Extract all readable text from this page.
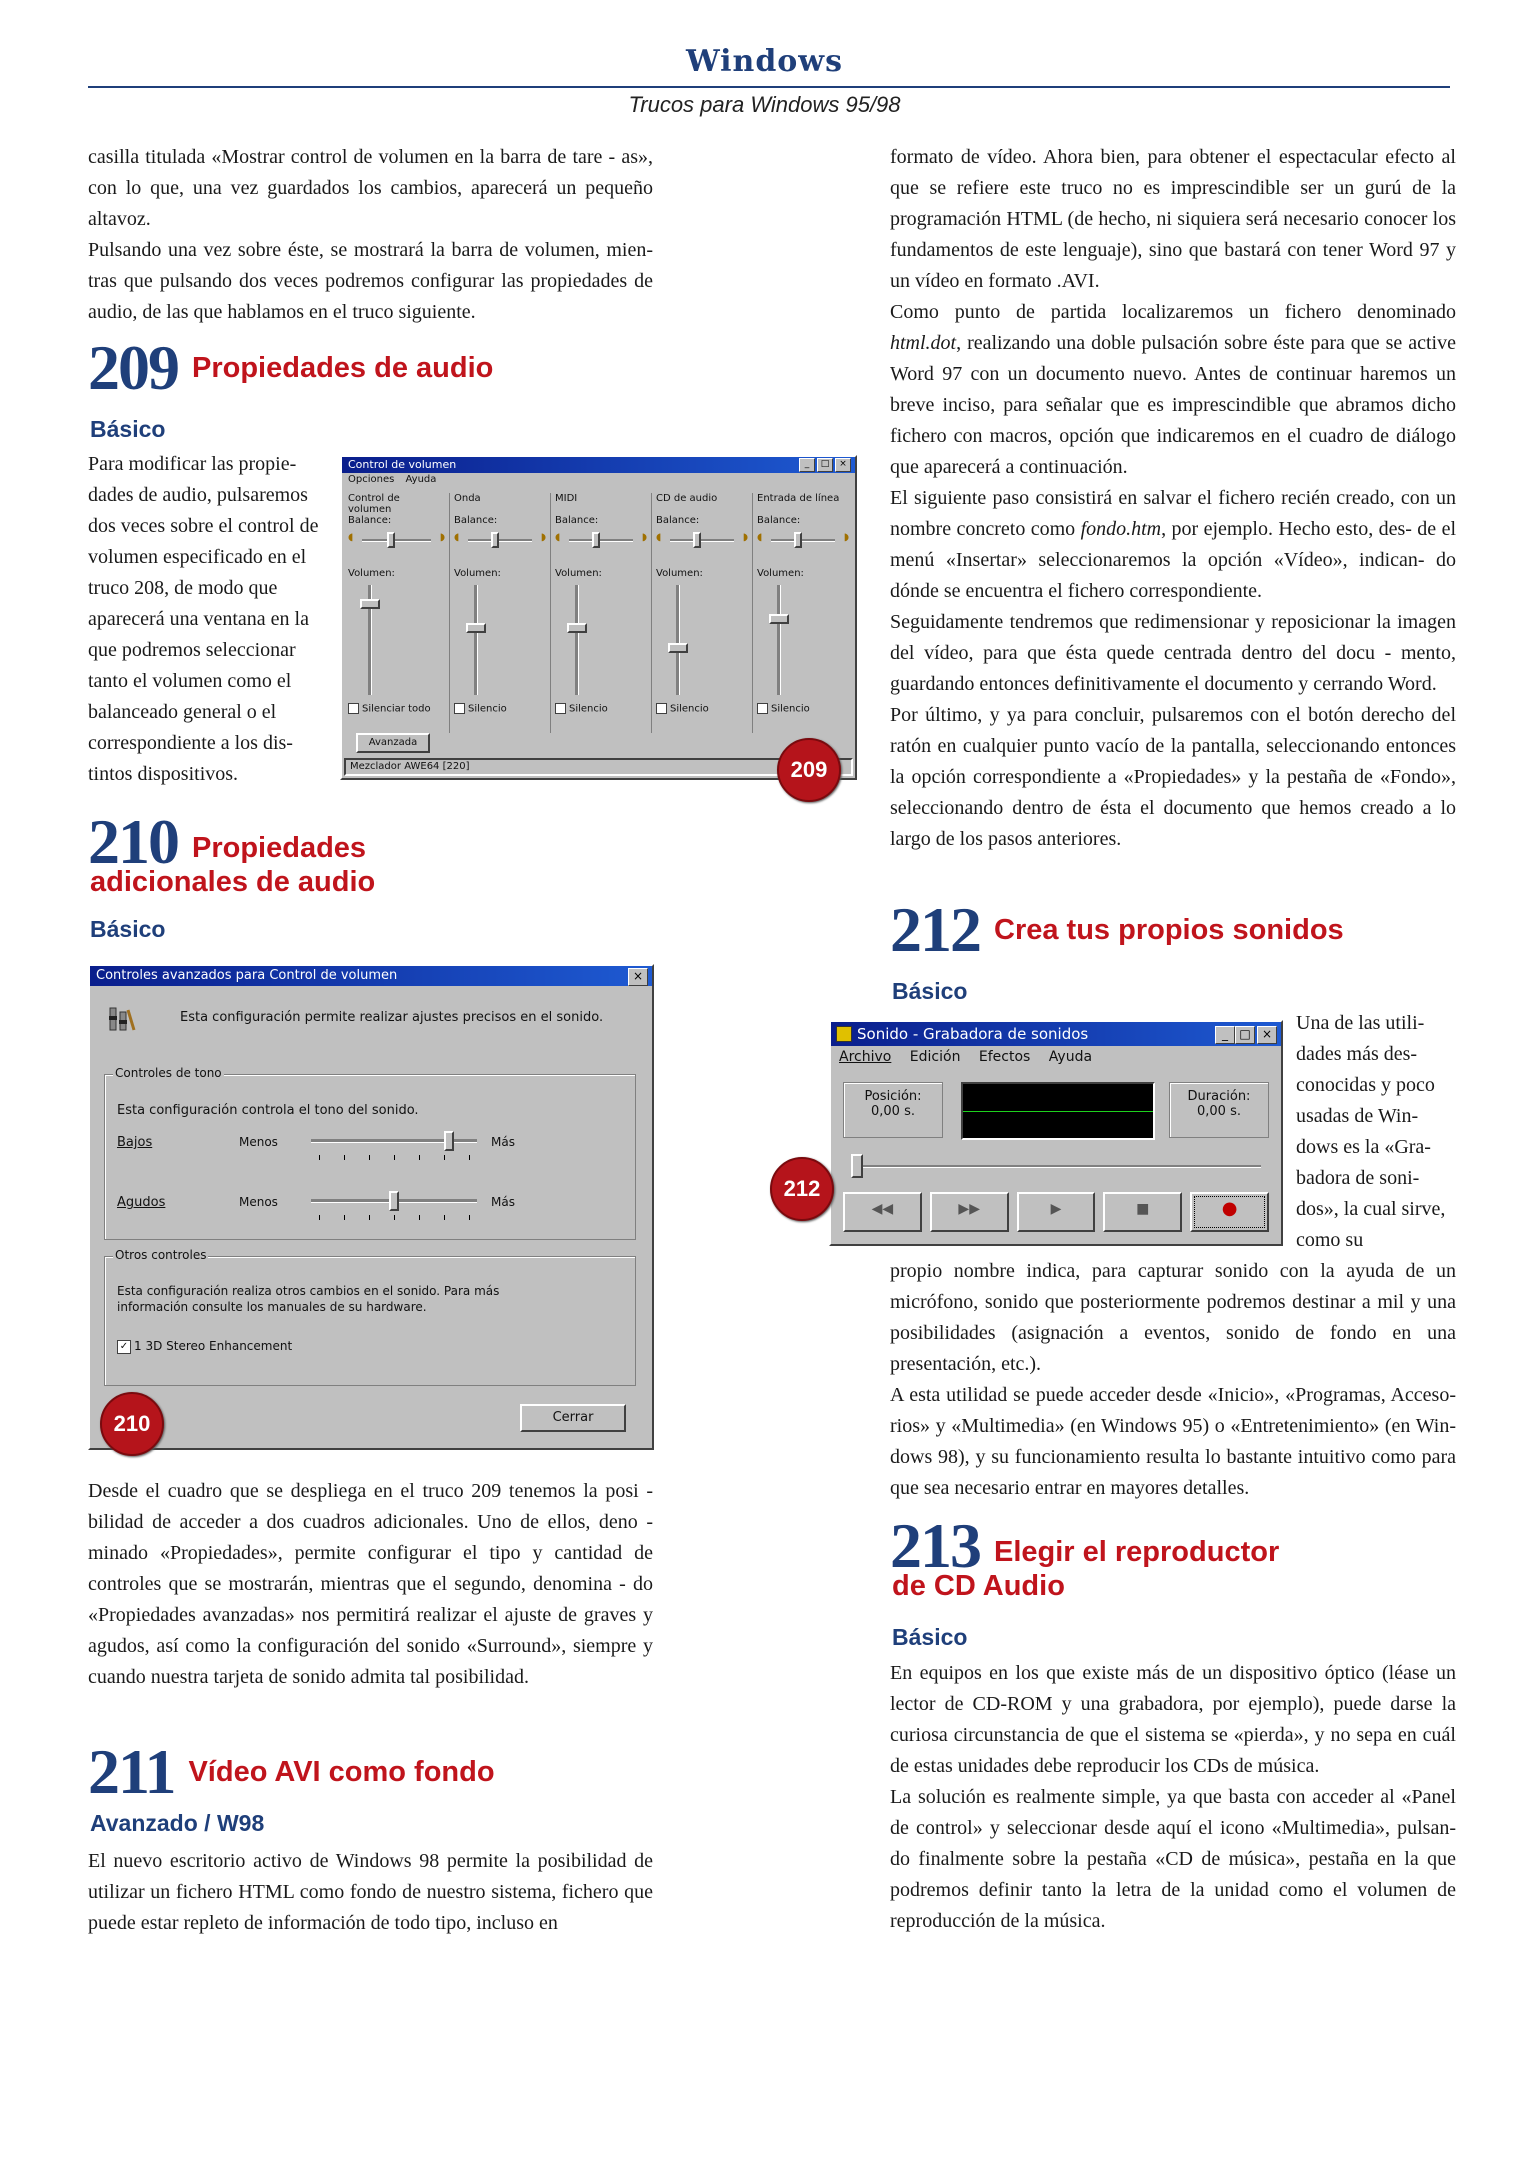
Windows
Trucos para Windows 95/98

casilla titulada «Mostrar control de volumen en la barra de tare - as», con lo que, una vez guardados los cambios, aparecerá un pequeño altavoz.

Pulsando una vez sobre éste, se mostrará la barra de volumen, mien- tras que pulsando dos veces podremos configurar las propiedades de audio, de las que hablamos en el truco siguiente.

209 Propiedades de audio
Básico

Para modificar las propie- dades de audio, pulsaremos dos veces sobre el control de volumen especificado en el truco 208, de modo que aparecerá una ventana en la que podremos seleccionar tanto el volumen como el balanceado general o el correspondiente a los dis- tintos dispositivos.

Control de volumen	_	□	×
Opciones Ayuda
Control de volumen
Balance:
◖	◗
Volumen:
Silenciar todo
Onda
Balance:
◖	◗
Volumen:
Silencio
MIDI
Balance:
◖	◗
Volumen:
Silencio
CD de audio
Balance:
◖	◗
Volumen:
Silencio
Entrada de línea
Balance:
◖	◗
Volumen:
Silencio
Avanzada
Mezclador AWE64 [220]	209
210 Propiedades
adicionales de audio
Básico
Controles avanzados para Control de volumen	×
Esta configuración permite realizar ajustes precisos en el sonido.
Controles de tono
Esta configuración controla el tono del sonido.
Bajos	Menos	Más
Agudos	Menos	Más
Otros controles
Esta configuración realiza otros cambios en el sonido. Para más información consulte los manuales de su hardware.
✓ 1 3D Stereo Enhancement
Cerrar
210

Desde el cuadro que se despliega en el truco 209 tenemos la posi - bilidad de acceder a dos cuadros adicionales. Uno de ellos, deno - minado «Propiedades», permite configurar el tipo y cantidad de controles que se mostrarán, mientras que el segundo, denomina - do «Propiedades avanzadas» nos permitirá realizar el ajuste de graves y agudos, así como la configuración del sonido «Surround», siempre y cuando nuestra tarjeta de sonido admita tal posibilidad.

211 Vídeo AVI como fondo
Avanzado / W98

El nuevo escritorio activo de Windows 98 permite la posibilidad de utilizar un fichero HTML como fondo de nuestro sistema, fichero que puede estar repleto de información de todo tipo, incluso en

formato de vídeo. Ahora bien, para obtener el espectacular efecto al que se refiere este truco no es imprescindible ser un gurú de la programación HTML (de hecho, ni siquiera será necesario conocer los fundamentos de este lenguaje), sino que bastará con tener Word 97 y un vídeo en formato .AVI.

Como punto de partida localizaremos un fichero denominado html.dot, realizando una doble pulsación sobre éste para que se active Word 97 con un documento nuevo. Antes de continuar haremos un breve inciso, para señalar que es imprescindible que abramos dicho fichero con macros, opción que indicaremos en el cuadro de diálogo que aparecerá a continuación.

El siguiente paso consistirá en salvar el fichero recién creado, con un nombre concreto como fondo.htm, por ejemplo. Hecho esto, des- de el menú «Insertar» seleccionaremos la opción «Vídeo», indican- do dónde se encuentra el fichero correspondiente.

Seguidamente tendremos que redimensionar y reposicionar la imagen del vídeo, para que ésta quede centrada dentro del docu - mento, guardando entonces definitivamente el documento y cerrando Word.

Por último, y ya para concluir, pulsaremos con el botón derecho del ratón en cualquier punto vacío de la pantalla, seleccionando entonces la opción correspondiente a «Propiedades» y la pestaña de «Fondo», seleccionando dentro de ésta el documento que hemos creado a lo largo de los pasos anteriores.

212 Crea tus propios sonidos
Básico
Sonido - Grabadora de sonidos	_ □ ×
Archivo Edición Efectos Ayuda
Posición:
0,00 s.
Duración:
0,00 s.
◀◀	▶▶	▶	■	●
212

Una de las utili- dades más des- conocidas y poco usadas de Win- dows es la «Gra- badora de soni- dos», la cual sirve, como su

propio nombre indica, para capturar sonido con la ayuda de un micrófono, sonido que posteriormente podremos destinar a mil y una posibilidades (asignación a eventos, sonido de fondo en una presentación, etc.).

A esta utilidad se puede acceder desde «Inicio», «Programas, Acceso- rios» y «Multimedia» (en Windows 95) o «Entretenimiento» (en Win- dows 98), y su funcionamiento resulta lo bastante intuitivo como para que sea necesario entrar en mayores detalles.

213 Elegir el reproductor
de CD Audio
Básico

En equipos en los que existe más de un dispositivo óptico (léase un lector de CD-ROM y una grabadora, por ejemplo), puede darse la curiosa circunstancia de que el sistema se «pierda», y no sepa en cuál de estas unidades debe reproducir los CDs de música.

La solución es realmente simple, ya que basta con acceder al «Panel de control» y seleccionar desde aquí el icono «Multimedia», pulsan- do finalmente sobre la pestaña «CD de música», pestaña en la que podremos definir tanto la letra de la unidad como el volumen de reproducción de la música.
